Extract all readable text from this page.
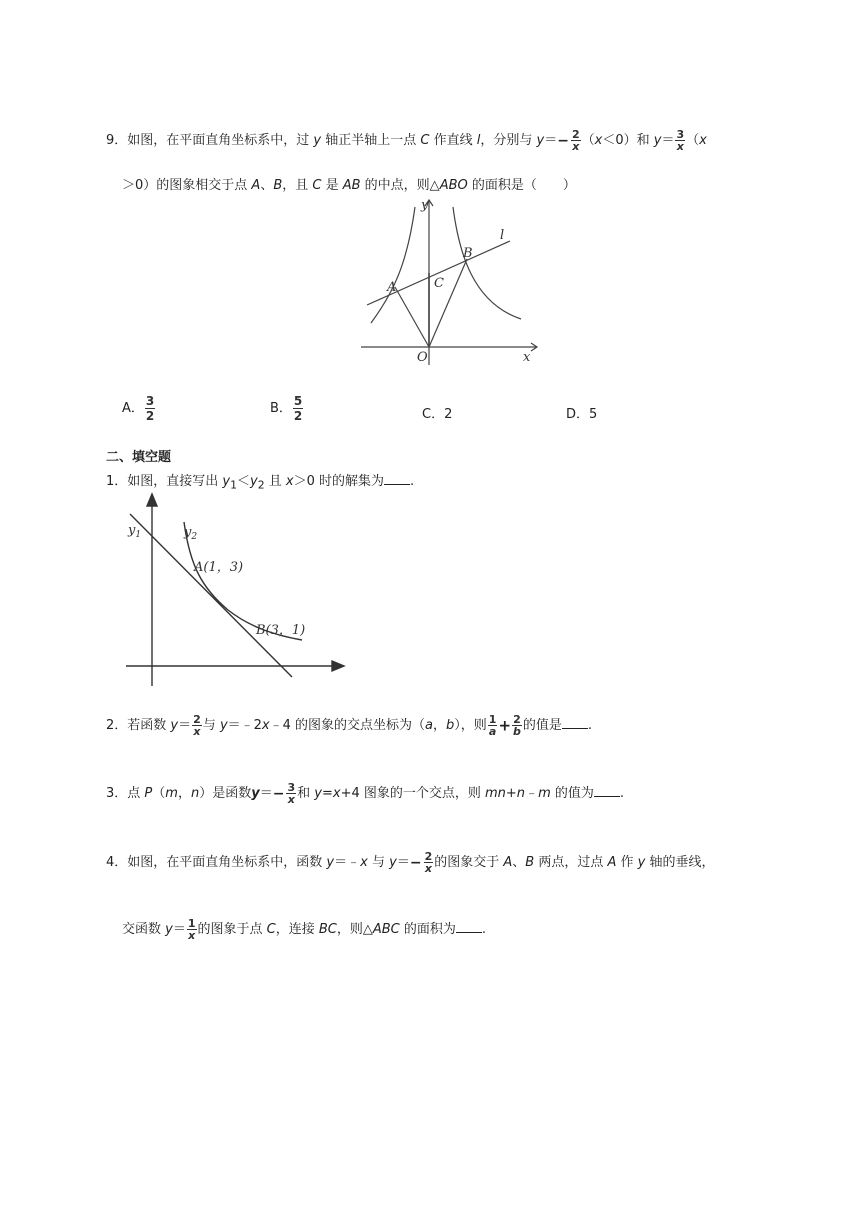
9．如图，在平面直角坐标系中，过 y 轴正半轴上一点 C 作直线 l，分别与 $y=- \frac{2}{x} (x<0)$和 $y= \frac{3}{x} (x$
＞0）的图象相交于点 A、B，且 C 是 AB 的中点，则△ABO 的面积是（　　）
y
l
B
A	C
O	x
A． $\frac{3}{2}$	B． $\frac{5}{2}$	C．2	D．5
二、填空题
1．如图，直接写出 $y_1<y_2$ 且 x＞0 时的解集为 .
$y_1$	$y_2$
A(1，3)
B(3，1)
2．若函数 $y= \frac{2}{x}$ 与 y＝﹣2x﹣4 的图象的交点坐标为（a，b），则 $\frac{1}{a} + \frac{2}{b}$ 的值是 .
3．点 P（m，n）是函数$y=- \frac{3}{x}$ 和 y=x+4 图象的一个交点，则 mn+n﹣m 的值为 .
4．如图，在平面直角坐标系中，函数 y＝﹣x 与 $y=- \frac{2}{x}$ 的图象交于 A、B 两点，过点 A 作 y 轴的垂线，
交函数 $y= \frac{1}{x}$ 的图象于点 C，连接 BC，则△ABC 的面积为 .
